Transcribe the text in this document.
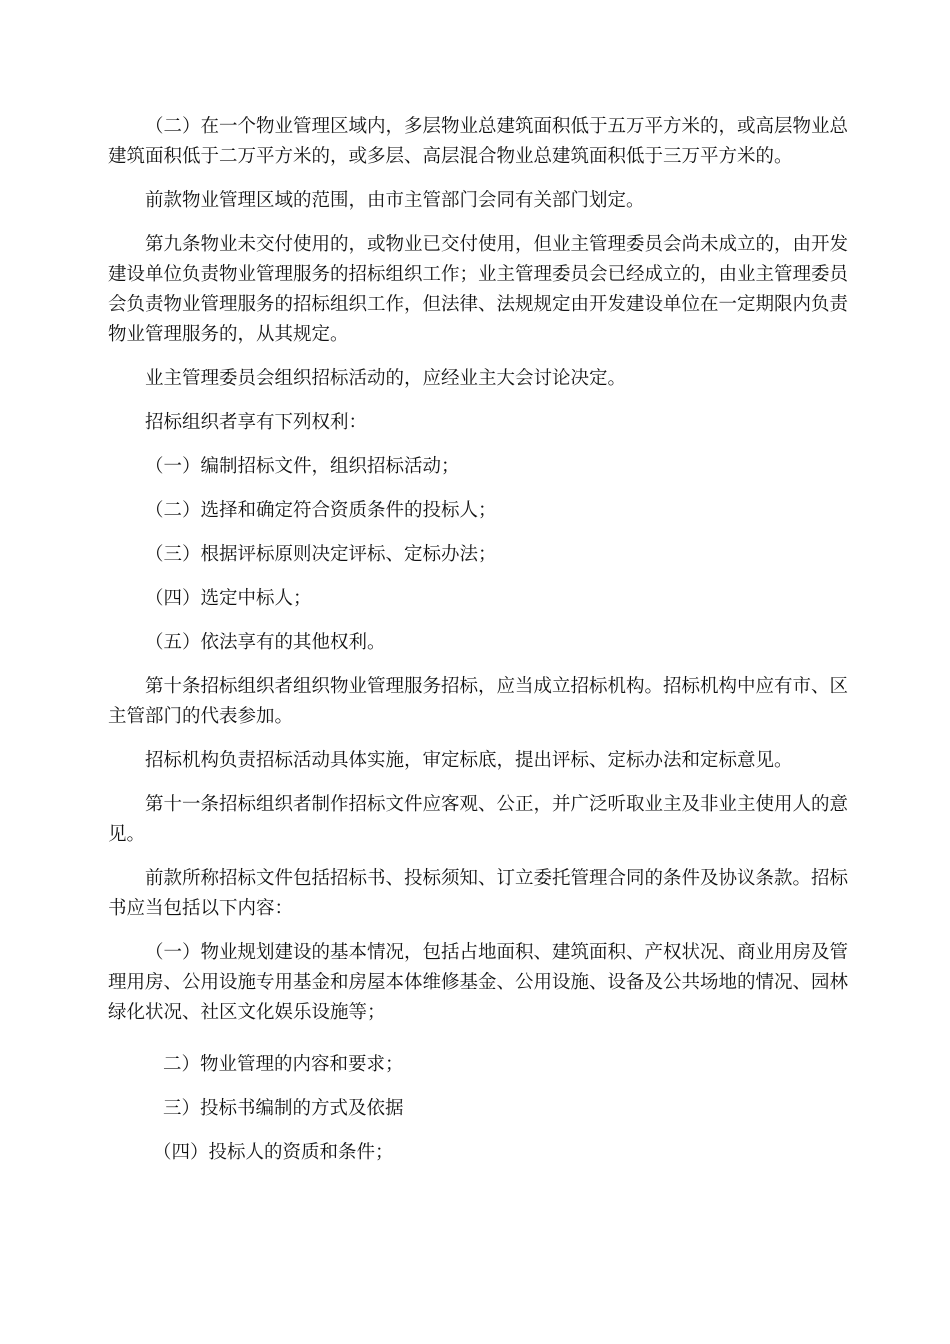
（二）在一个物业管理区域内，多层物业总建筑面积低于五万平方米的，或高层物业总建筑面积低于二万平方米的，或多层、高层混合物业总建筑面积低于三万平方米的。

前款物业管理区域的范围，由市主管部门会同有关部门划定。

第九条物业未交付使用的，或物业已交付使用，但业主管理委员会尚未成立的，由开发建设单位负责物业管理服务的招标组织工作；业主管理委员会已经成立的，由业主管理委员会负责物业管理服务的招标组织工作，但法律、法规规定由开发建设单位在一定期限内负责物业管理服务的，从其规定。

业主管理委员会组织招标活动的，应经业主大会讨论决定。

招标组织者享有下列权利：

（一）编制招标文件，组织招标活动；

（二）选择和确定符合资质条件的投标人；

（三）根据评标原则决定评标、定标办法；

（四）选定中标人；

（五）依法享有的其他权利。

第十条招标组织者组织物业管理服务招标，应当成立招标机构。招标机构中应有市、区主管部门的代表参加。

招标机构负责招标活动具体实施，审定标底，提出评标、定标办法和定标意见。

第十一条招标组织者制作招标文件应客观、公正，并广泛听取业主及非业主使用人的意见。

前款所称招标文件包括招标书、投标须知、订立委托管理合同的条件及协议条款。招标书应当包括以下内容：

（一）物业规划建设的基本情况，包括占地面积、建筑面积、产权状况、商业用房及管理用房、公用设施专用基金和房屋本体维修基金、公用设施、设备及公共场地的情况、园林绿化状况、社区文化娱乐设施等；

二）物业管理的内容和要求；

三）投标书编制的方式及依据

（四）投标人的资质和条件；
